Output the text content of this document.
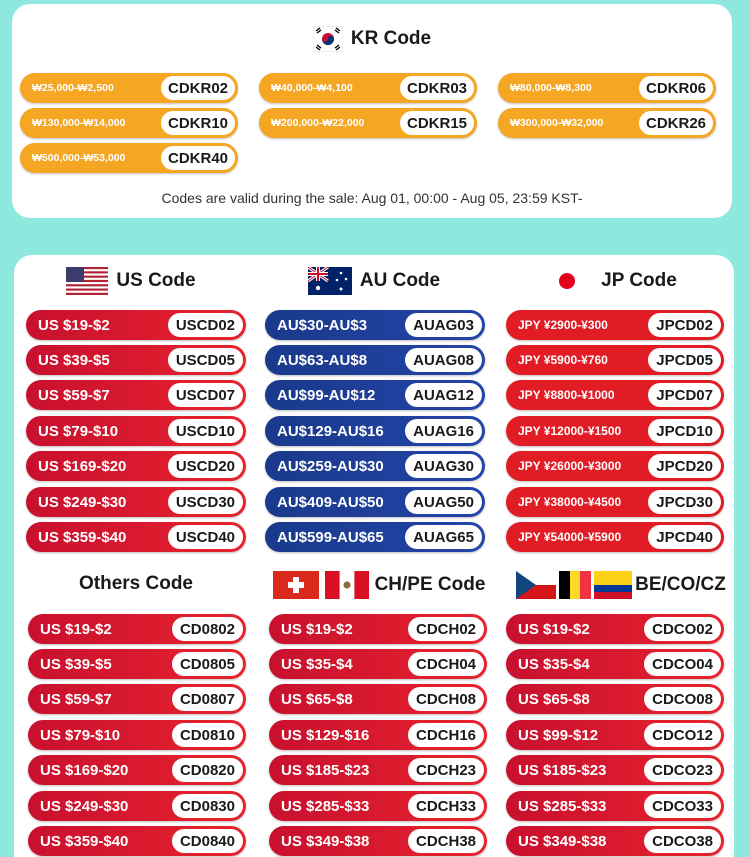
KR Code
₩25,000-₩2,500	CDKR02	₩40,000-₩4,100	CDKR03	₩80,000-₩8,300	CDKR06
₩130,000-₩14,000	CDKR10	₩200,000-₩22,000	CDKR15	₩300,000-₩32,000	CDKR26
₩500,000-₩53,000	CDKR40
Codes are valid during the sale: Aug 01, 00:00 - Aug 05, 23:59 KST-
US Code	AU Code	JP Code
US $19-$2	USCD02
US $39-$5	USCD05
US $59-$7	USCD07
US $79-$10	USCD10
US $169-$20	USCD20
US $249-$30	USCD30
US $359-$40	USCD40
AU$30-AU$3	AUAG03
AU$63-AU$8	AUAG08
AU$99-AU$12	AUAG12
AU$129-AU$16	AUAG16
AU$259-AU$30	AUAG30
AU$409-AU$50	AUAG50
AU$599-AU$65	AUAG65
JPY ¥2900-¥300	JPCD02
JPY ¥5900-¥760	JPCD05
JPY ¥8800-¥1000	JPCD07
JPY ¥12000-¥1500	JPCD10
JPY ¥26000-¥3000	JPCD20
JPY ¥38000-¥4500	JPCD30
JPY ¥54000-¥5900	JPCD40
Others Code	CH/PE Code	BE/CO/CZ
US $19-$2	CD0802
US $39-$5	CD0805
US $59-$7	CD0807
US $79-$10	CD0810
US $169-$20	CD0820
US $249-$30	CD0830
US $359-$40	CD0840
US $19-$2	CDCH02
US $35-$4	CDCH04
US $65-$8	CDCH08
US $129-$16	CDCH16
US $185-$23	CDCH23
US $285-$33	CDCH33
US $349-$38	CDCH38
US $19-$2	CDCO02
US $35-$4	CDCO04
US $65-$8	CDCO08
US $99-$12	CDCO12
US $185-$23	CDCO23
US $285-$33	CDCO33
US $349-$38	CDCO38
